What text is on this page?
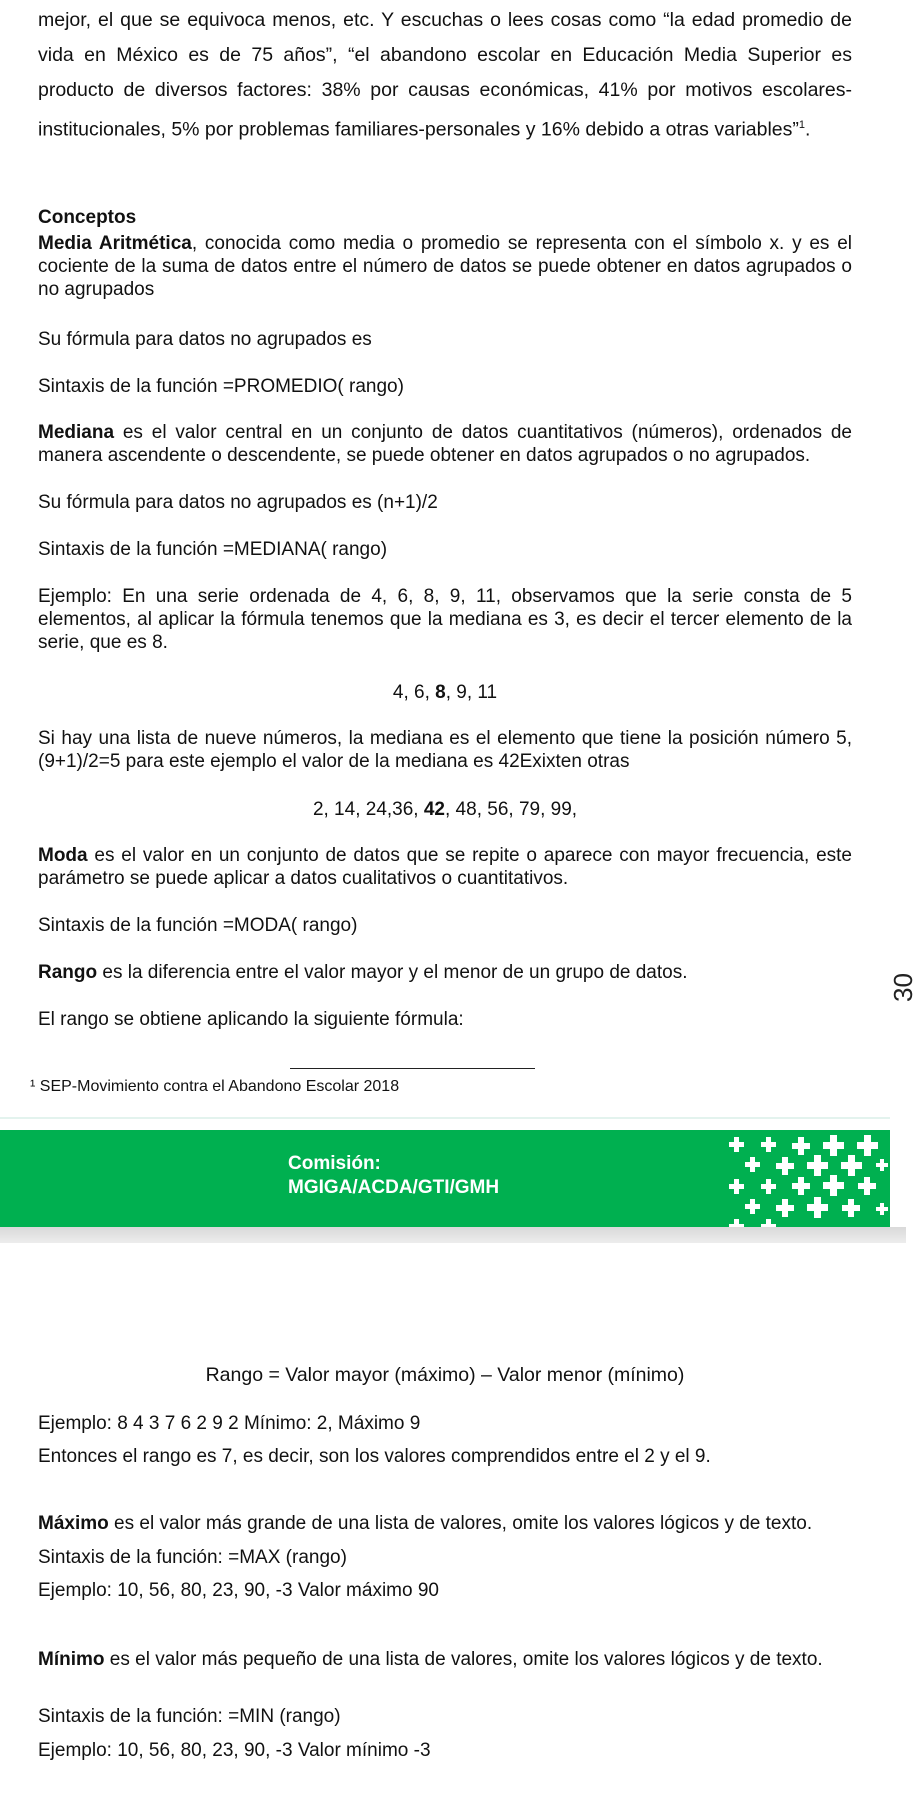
mejor, el que se equivoca menos, etc. Y escuchas o lees cosas como “la edad promedio de vida en México es de 75 años”, “el abandono escolar en Educación Media Superior es producto de diversos factores: 38% por causas económicas, 41% por motivos escolares-institucionales, 5% por problemas familiares-personales y 16% debido a otras variables”$^1$.

Conceptos

Media Aritmética, conocida como media o promedio se representa con el símbolo x. y es el cociente de la suma de datos entre el número de datos se puede obtener en datos agrupados o no agrupados

Su fórmula para datos no agrupados es

Sintaxis de la función =PROMEDIO( rango)

Mediana es el valor central en un conjunto de datos cuantitativos (números), ordenados de manera ascendente o descendente, se puede obtener en datos agrupados o no agrupados.

Su fórmula para datos no agrupados es (n+1)/2

Sintaxis de la función =MEDIANA( rango)

Ejemplo: En una serie ordenada de 4, 6, 8, 9, 11, observamos que la serie consta de 5 elementos, al aplicar la fórmula tenemos que la mediana es 3, es decir el tercer elemento de la serie, que es 8.

4, 6, 8, 9, 11

Si hay una lista de nueve números, la mediana es el elemento que tiene la posición número 5, (9+1)/2=5 para este ejemplo el valor de la mediana es 42Exixten otras

2, 14, 24,36, 42, 48, 56, 79, 99,

Moda es el valor en un conjunto de datos que se repite o aparece con mayor frecuencia, este parámetro se puede aplicar a datos cualitativos o cuantitativos.

Sintaxis de la función =MODA( rango)

Rango es la diferencia entre el valor mayor y el menor de un grupo de datos.

El rango se obtiene aplicando la siguiente fórmula:

30
¹ SEP-Movimiento contra el Abandono Escolar 2018
Comisión:
MGIGA/ACDA/GTI/GMH

Rango = Valor mayor (máximo) – Valor menor (mínimo)

Ejemplo: 8 4 3 7 6 2 9 2 Mínimo: 2, Máximo 9

Entonces el rango es 7, es decir, son los valores comprendidos entre el 2 y el 9.

Máximo es el valor más grande de una lista de valores, omite los valores lógicos y de texto.

Sintaxis de la función: =MAX (rango)

Ejemplo: 10, 56, 80, 23, 90, -3 Valor máximo 90

Mínimo es el valor más pequeño de una lista de valores, omite los valores lógicos y de texto.

Sintaxis de la función: =MIN (rango)

Ejemplo: 10, 56, 80, 23, 90, -3 Valor mínimo -3
